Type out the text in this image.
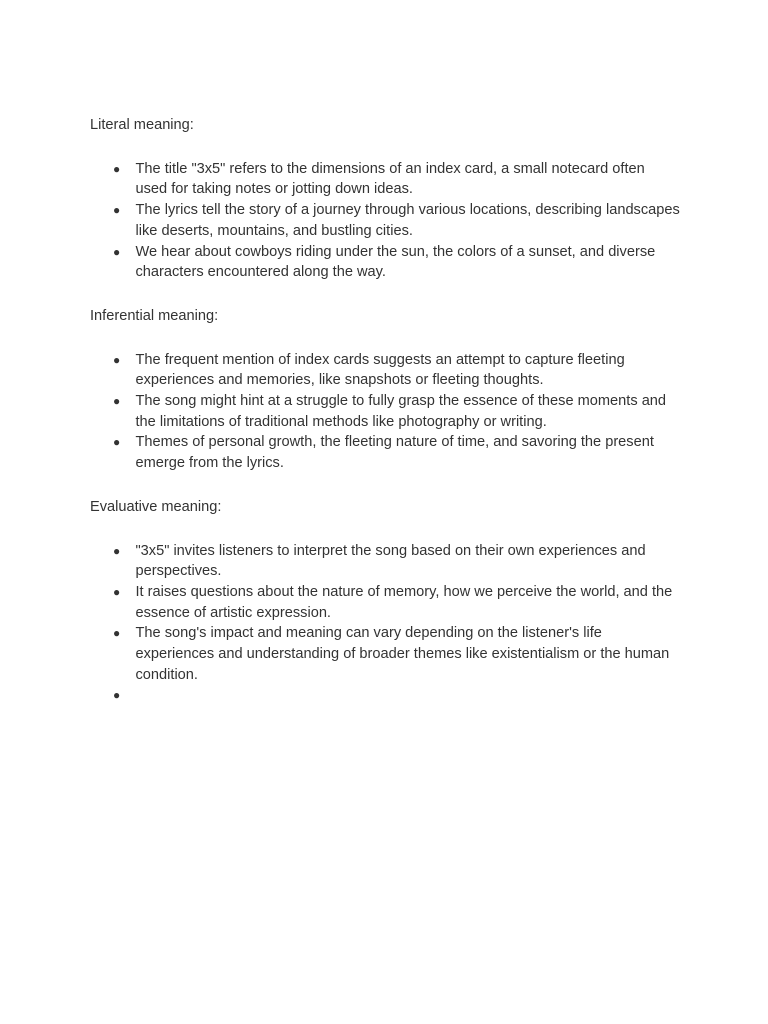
Literal meaning:
● The title "3x5" refers to the dimensions of an index card, a small notecard often used for taking notes or jotting down ideas.
● The lyrics tell the story of a journey through various locations, describing landscapes like deserts, mountains, and bustling cities.
● We hear about cowboys riding under the sun, the colors of a sunset, and diverse characters encountered along the way.
Inferential meaning:
● The frequent mention of index cards suggests an attempt to capture fleeting experiences and memories, like snapshots or fleeting thoughts.
● The song might hint at a struggle to fully grasp the essence of these moments and the limitations of traditional methods like photography or writing.
● Themes of personal growth, the fleeting nature of time, and savoring the present emerge from the lyrics.
Evaluative meaning:
● "3x5" invites listeners to interpret the song based on their own experiences and perspectives.
● It raises questions about the nature of memory, how we perceive the world, and the essence of artistic expression.
● The song's impact and meaning can vary depending on the listener's life experiences and understanding of broader themes like existentialism or the human condition.
●
